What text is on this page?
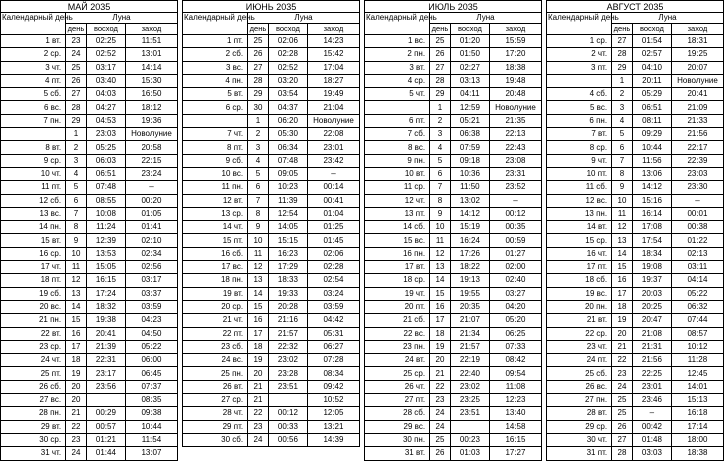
МАЙ 2035			
Календарный день	Луна		
	день	восход	заход
1 вт.	23	02:25	11:51
2 ср.	24	02:52	13:01
3 чт.	25	03:17	14:14
4 пт.	26	03:40	15:30
5 сб.	27	04:03	16:50
6 вс.	28	04:27	18:12
7 пн.	29	04:53	19:36
	1	23:03	Новолуние
8 вт.	2	05:25	20:58
9 ср.	3	06:03	22:15
10 чт.	4	06:51	23:24
11 пт.	5	07:48	–
12 сб.	6	08:55	00:20
13 вс.	7	10:08	01:05
14 пн.	8	11:24	01:41
15 вт.	9	12:39	02:10
16 ср.	10	13:53	02:34
17 чт.	11	15:05	02:56
18 пт.	12	16:15	03:17
19 сб.	13	17:24	03:37
20 вс.	14	18:32	03:59
21 пн.	15	19:38	04:23
22 вт.	16	20:41	04:50
23 ср.	17	21:39	05:22
24 чт.	18	22:31	06:00
25 пт.	19	23:17	06:45
26 сб.	20	23:56	07:37
27 вс.	20		08:35
28 пн.	21	00:29	09:38
29 вт.	22	00:57	10:44
30 ср.	23	01:21	11:54
31 чт.	24	01:44	13:07
ИЮНЬ 2035			
Календарный день	Луна		
	день	восход	заход
1 пт.	25	02:06	14:23
2 сб.	26	02:28	15:42
3 вс.	27	02:52	17:04
4 пн.	28	03:20	18:27
5 вт.	29	03:54	19:49
6 ср.	30	04:37	21:04
	1	06:20	Новолуние
7 чт.	2	05:30	22:08
8 пт.	3	06:34	23:01
9 сб.	4	07:48	23:42
10 вс.	5	09:05	–
11 пн.	6	10:23	00:14
12 вт.	7	11:39	00:41
13 ср.	8	12:54	01:04
14 чт.	9	14:05	01:25
15 пт.	10	15:15	01:45
16 сб.	11	16:23	02:06
17 вс.	12	17:29	02:28
18 пн.	13	18:33	02:54
19 вт.	14	19:33	03:24
20 ср.	15	20:28	03:59
21 чт.	16	21:16	04:42
22 пт.	17	21:57	05:31
23 сб.	18	22:32	06:27
24 вс.	19	23:02	07:28
25 пн.	20	23:28	08:34
26 вт.	21	23:51	09:42
27 ср.	21		10:52
28 чт.	22	00:12	12:05
29 пт.	23	00:33	13:21
30 сб.	24	00:56	14:39
ИЮЛЬ 2035			
Календарный день	Луна		
	день	восход	заход
1 вс.	25	01:20	15:59
2 пн.	26	01:50	17:20
3 вт.	27	02:27	18:38
4 ср.	28	03:13	19:48
5 чт.	29	04:11	20:48
	1	12:59	Новолуние
6 пт.	2	05:21	21:35
7 сб.	3	06:38	22:13
8 вс.	4	07:59	22:43
9 пн.	5	09:18	23:08
10 вт.	6	10:36	23:31
11 ср.	7	11:50	23:52
12 чт.	8	13:02	–
13 пт.	9	14:12	00:12
14 сб.	10	15:19	00:35
15 вс.	11	16:24	00:59
16 пн.	12	17:26	01:27
17 вт.	13	18:22	02:00
18 ср.	14	19:13	02:40
19 чт.	15	19:55	03:27
20 пт.	16	20:35	04:20
21 сб.	17	21:07	05:20
22 вс.	18	21:34	06:25
23 пн.	19	21:57	07:33
24 вт.	20	22:19	08:42
25 ср.	21	22:40	09:54
26 чт.	22	23:02	11:08
27 пт.	23	23:25	12:23
28 сб.	24	23:51	13:40
29 вс.	24		14:58
30 пн.	25	00:23	16:15
31 вт.	26	01:03	17:27
АВГУСТ 2035			
Календарный день	Луна		
	день	восход	заход
1 ср.	27	01:54	18:31
2 чт.	28	02:57	19:25
3 пт.	29	04:10	20:07
	1	20:11	Новолуние
4 сб.	2	05:29	20:41
5 вс.	3	06:51	21:09
6 пн.	4	08:11	21:33
7 вт.	5	09:29	21:56
8 ср.	6	10:44	22:17
9 чт.	7	11:56	22:39
10 пт.	8	13:06	23:03
11 сб.	9	14:12	23:30
12 вс.	10	15:16	–
13 пн.	11	16:14	00:01
14 вт.	12	17:08	00:38
15 ср.	13	17:54	01:22
16 чт.	14	18:34	02:13
17 пт.	15	19:08	03:11
18 сб.	16	19:37	04:14
19 вс.	17	20:03	05:22
20 пн.	18	20:25	06:32
21 вт.	19	20:47	07:44
22 ср.	20	21:08	08:57
23 чт.	21	21:31	10:12
24 пт.	22	21:56	11:28
25 сб.	23	22:25	12:45
26 вс.	24	23:01	14:01
27 пн.	25	23:46	15:13
28 вт.	25	–	16:18
29 ср.	26	00:42	17:14
30 чт.	27	01:48	18:00
31 пт.	28	03:03	18:38
